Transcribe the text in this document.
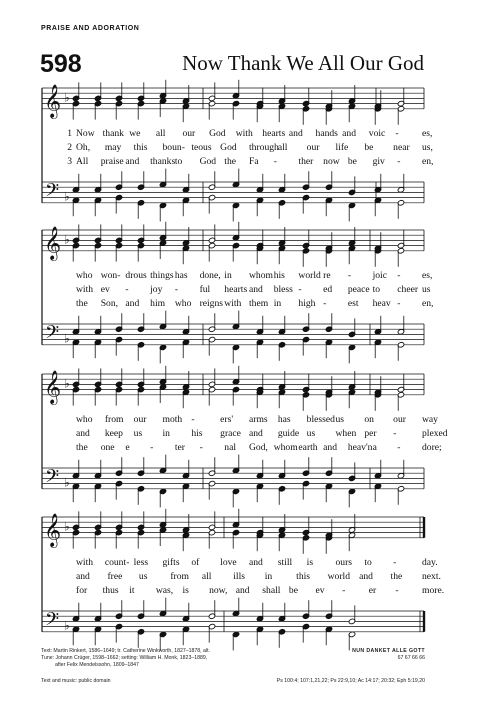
PRAISE AND ADORATION
598	Now Thank We All Our God
𝄞 ♭
𝄢 ♭
𝄞 ♭
𝄢 ♭
𝄞 ♭
𝄢 ♭
𝄞 ♭
𝄢 ♭
1 Now thank we all our God with hearts and hands and voic - es,
2 Oh, may this boun- teous God through
all our life be near us,
3 All praise and thanks to God the Fa - ther now be giv - en,
who won- drous things has done, in whom his world re - joic - es,
with ev - joy - ful hearts and bless - ed peace to cheer us
the Son, and him who reigns with them in high - est heav - en,
who from our moth -	ers' arms has blessed us on our way
and keep us in his grace and guide us when per -	plexed
the one e - ter - nal God, whom earth and heav'n a - dore;
with count- less gifts of love and still is ours to -	day.
and free us from all ills in this world and the next.
for thus it was, is now, and shall be ev - er - more.
Text: Martin Rinkert, 1586–1649; tr. Catherine Winkworth, 1827–1878, alt.
Tune: Johann Crüger, 1598–1662; setting: William H. Monk, 1823–1889,
after Felix Mendelssohn, 1809–1847
NUN DANKET ALLE GOTT
67 67 66 66
Text and music: public domain	Ps 100:4; 107:1,21,22; Ps 22:9,10; Ac 14:17; 20:32; Eph 5:19,20
